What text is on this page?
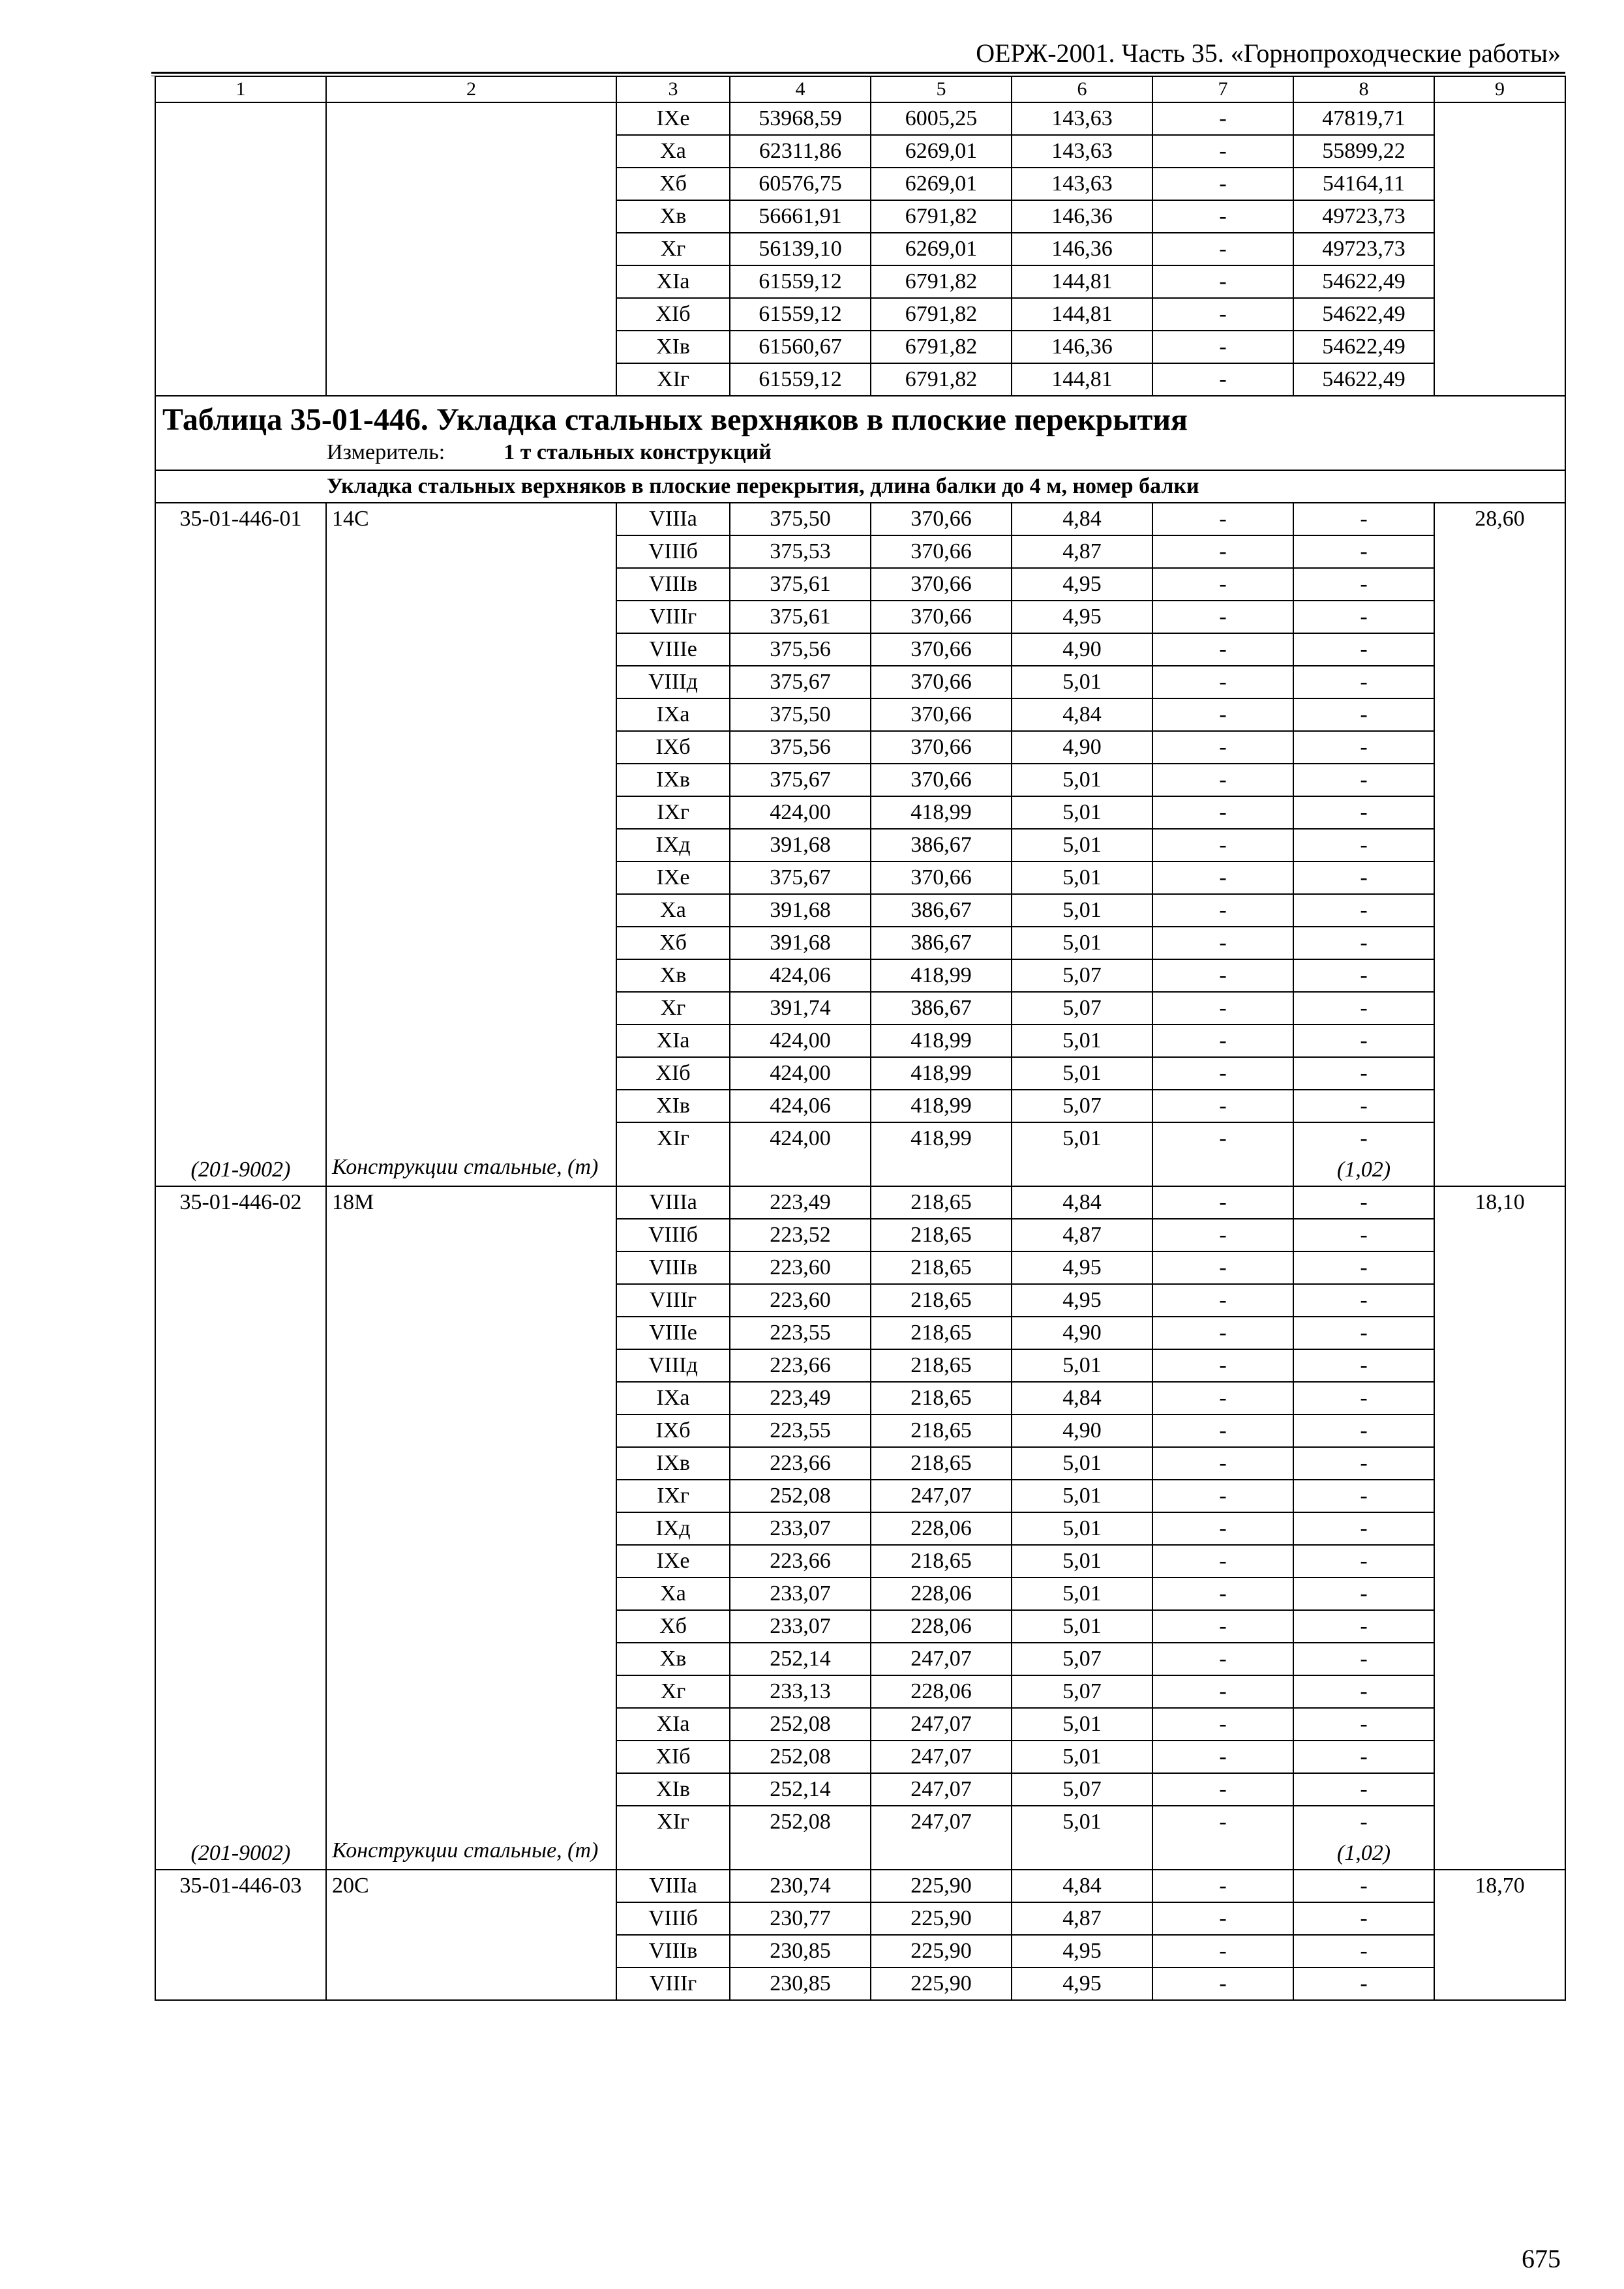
ОЕРЖ-2001. Часть 35. «Горнопроходческие работы»
1	2	3	4	5	6	7	8	9
		IXe	53968,59	6005,25	143,63	-	47819,71	
		Xa	62311,86	6269,01	143,63	-	55899,22	
		Xб	60576,75	6269,01	143,63	-	54164,11	
		Xв	56661,91	6791,82	146,36	-	49723,73	
		Xг	56139,10	6269,01	146,36	-	49723,73	
		XIa	61559,12	6791,82	144,81	-	54622,49	
		XIб	61559,12	6791,82	144,81	-	54622,49	
		XIв	61560,67	6791,82	146,36	-	54622,49	
		XIг	61559,12	6791,82	144,81	-	54622,49	

Таблица 35-01-446. Укладка стальных верхняков в плоские перекрытия
Измеритель: 1 т стальных конструкций								

Укладка стальных верхняков в плоские перекрытия, длина балки до 4 м, номер балки								
35-01-446-01	14С	VIIIa	375,50	370,66	4,84	-	-	28,60
		VIIIб	375,53	370,66	4,87	-	-	
		VIIIв	375,61	370,66	4,95	-	-	
		VIIIг	375,61	370,66	4,95	-	-	
		VIIIe	375,56	370,66	4,90	-	-	
		VIIIд	375,67	370,66	5,01	-	-	
		IXa	375,50	370,66	4,84	-	-	
		IXб	375,56	370,66	4,90	-	-	
		IXв	375,67	370,66	5,01	-	-	
		IXг	424,00	418,99	5,01	-	-	
		IXд	391,68	386,67	5,01	-	-	
		IXe	375,67	370,66	5,01	-	-	
		Xa	391,68	386,67	5,01	-	-	
		Xб	391,68	386,67	5,01	-	-	
		Xв	424,06	418,99	5,07	-	-	
		Xг	391,74	386,67	5,07	-	-	
		XIa	424,00	418,99	5,01	-	-	
		XIб	424,00	418,99	5,01	-	-	
		XIв	424,06	418,99	5,07	-	-	
		XIг	424,00	418,99	5,01	-	-	
(201-9002)	Конструкции стальные, (т)						(1,02)	
35-01-446-02	18М	VIIIa	223,49	218,65	4,84	-	-	18,10
		VIIIб	223,52	218,65	4,87	-	-	
		VIIIв	223,60	218,65	4,95	-	-	
		VIIIг	223,60	218,65	4,95	-	-	
		VIIIe	223,55	218,65	4,90	-	-	
		VIIIд	223,66	218,65	5,01	-	-	
		IXa	223,49	218,65	4,84	-	-	
		IXб	223,55	218,65	4,90	-	-	
		IXв	223,66	218,65	5,01	-	-	
		IXг	252,08	247,07	5,01	-	-	
		IXд	233,07	228,06	5,01	-	-	
		IXe	223,66	218,65	5,01	-	-	
		Xa	233,07	228,06	5,01	-	-	
		Xб	233,07	228,06	5,01	-	-	
		Xв	252,14	247,07	5,07	-	-	
		Xг	233,13	228,06	5,07	-	-	
		XIa	252,08	247,07	5,01	-	-	
		XIб	252,08	247,07	5,01	-	-	
		XIв	252,14	247,07	5,07	-	-	
		XIг	252,08	247,07	5,01	-	-	
(201-9002)	Конструкции стальные, (т)						(1,02)	
35-01-446-03	20С	VIIIa	230,74	225,90	4,84	-	-	18,70
		VIIIб	230,77	225,90	4,87	-	-	
		VIIIв	230,85	225,90	4,95	-	-	
		VIIIг	230,85	225,90	4,95	-	-	
675
